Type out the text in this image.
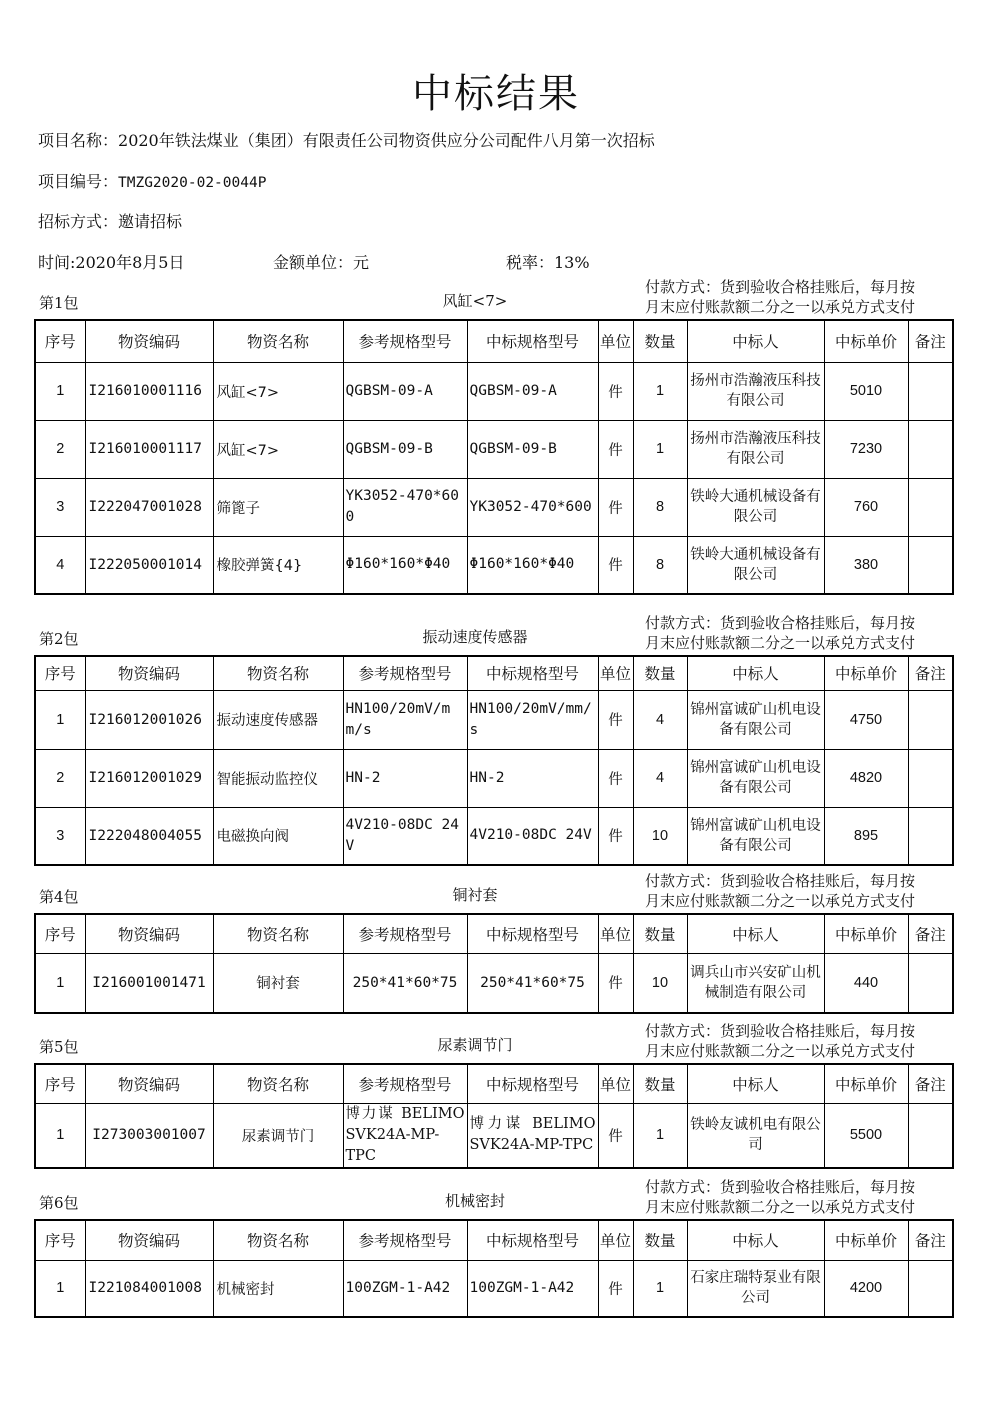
中标结果
项目名称：2020年铁法煤业（集团）有限责任公司物资供应分公司配件八月第一次招标
项目编号：TMZG2020-02-0044P
招标方式：邀请招标
时间:2020年8月5日	金额单位：元	税率：13%
第1包	风缸<7>
付款方式：货到验收合格挂账后，每月按
月末应付账款额二分之一以承兑方式支付
序号	物资编码	物资名称	参考规格型号	中标规格型号	单位	数量	中标人	中标单价	备注
1	I216010001116	风缸<7>	QGBSM-09-A	QGBSM-09-A	件	1	扬州市浩瀚液压科技有限公司	5010	
2	I216010001117	风缸<7>	QGBSM-09-B	QGBSM-09-B	件	1	扬州市浩瀚液压科技有限公司	7230	
3	I222047001028	筛篦子	YK3052-470*600	YK3052-470*600	件	8	铁岭大通机械设备有限公司	760	
4	I222050001014	橡胶弹簧{4}	Φ160*160*Φ40	Φ160*160*Φ40	件	8	铁岭大通机械设备有限公司	380	
第2包	振动速度传感器
付款方式：货到验收合格挂账后，每月按
月末应付账款额二分之一以承兑方式支付
序号	物资编码	物资名称	参考规格型号	中标规格型号	单位	数量	中标人	中标单价	备注
1	I216012001026	振动速度传感器	HN100/20mV/mm/s	HN100/20mV/mm/s	件	4	锦州富诚矿山机电设备有限公司	4750	
2	I216012001029	智能振动监控仪	HN-2	HN-2	件	4	锦州富诚矿山机电设备有限公司	4820	
3	I222048004055	电磁换向阀	4V210-08DC 24V	4V210-08DC 24V	件	10	锦州富诚矿山机电设备有限公司	895	
第4包	铜衬套
付款方式：货到验收合格挂账后，每月按
月末应付账款额二分之一以承兑方式支付
序号	物资编码	物资名称	参考规格型号	中标规格型号	单位	数量	中标人	中标单价	备注
1	I216001001471	铜衬套	250*41*60*75	250*41*60*75	件	10	调兵山市兴安矿山机械制造有限公司	440	
第5包	尿素调节门
付款方式：货到验收合格挂账后，每月按
月末应付账款额二分之一以承兑方式支付
序号	物资编码	物资名称	参考规格型号	中标规格型号	单位	数量	中标人	中标单价	备注
1	I273003001007	尿素调节门	博力谋 BELIMO SVK24A-MP-TPC	博力谋 BELIMO SVK24A-MP-TPC	件	1	铁岭友诚机电有限公司	5500	
第6包	机械密封
付款方式：货到验收合格挂账后，每月按
月末应付账款额二分之一以承兑方式支付
序号	物资编码	物资名称	参考规格型号	中标规格型号	单位	数量	中标人	中标单价	备注
1	I221084001008	机械密封	100ZGM-1-A42	100ZGM-1-A42	件	1	石家庄瑞特泵业有限公司	4200	
